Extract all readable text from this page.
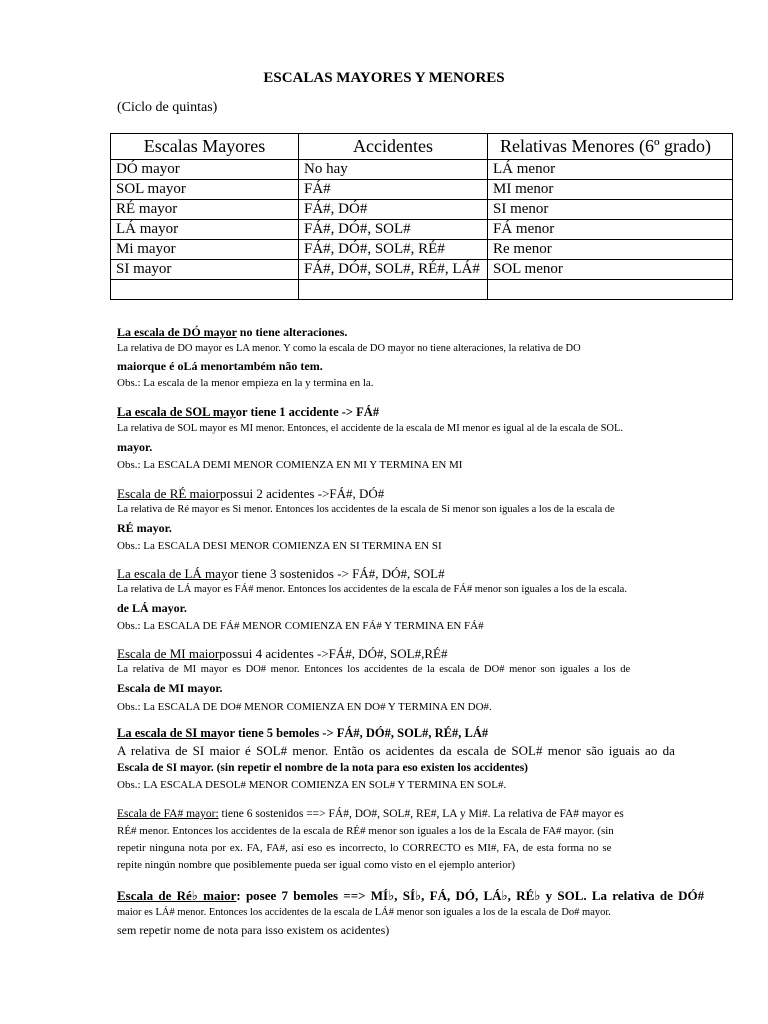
ESCALAS MAYORES Y MENORES
(Ciclo de quintas)
Escalas Mayores	Accidentes	Relativas Menores (6º grado)
DÓ mayor	No hay	LÁ menor
SOL mayor	FÁ#	MI menor
RÉ mayor	FÁ#, DÓ#	SI menor
LÁ mayor	FÁ#, DÓ#, SOL#	FÁ menor
Mi mayor	FÁ#, DÓ#, SOL#, RÉ#	Re menor
SI mayor	FÁ#, DÓ#, SOL#, RÉ#, LÁ#	SOL menor

La escala de DÓ mayor no tiene alteraciones.
La relativa de DO mayor es LA menor. Y como la escala de DO mayor no tiene alteraciones, la relativa de DO
maiorque é oLá menortambém não tem.
Obs.: La escala de la menor empieza en la y termina en la.
La escala de SOL mayor tiene 1 accidente -> FÁ#
La relativa de SOL mayor es MI menor. Entonces, el accidente de la escala de MI menor es igual al de la escala de SOL.
mayor.
Obs.: La ESCALA DEMI MENOR COMIENZA EN MI Y TERMINA EN MI
Escala de RÉ maiorpossui 2 acidentes ->FÁ#, DÓ#
La relativa de Ré mayor es Si menor. Entonces los accidentes de la escala de Si menor son iguales a los de la escala de
RÉ mayor.
Obs.: La ESCALA DESI MENOR COMIENZA EN SI TERMINA EN SI
La escala de LÁ mayor tiene 3 sostenidos -> FÁ#, DÓ#, SOL#
La relativa de LÁ mayor es FÁ# menor. Entonces los accidentes de la escala de FÁ# menor son iguales a los de la escala.
de LÁ mayor.
Obs.: La ESCALA DE FÁ# MENOR COMIENZA EN FÁ# Y TERMINA EN FÁ#
Escala de MI maiorpossui 4 acidentes ->FÁ#, DÓ#, SOL#,RÉ#
La relativa de MI mayor es DO# menor. Entonces los accidentes de la escala de DO# menor son iguales a los de
Escala de MI mayor.
Obs.: La ESCALA DE DO# MENOR COMIENZA EN DO# Y TERMINA EN DO#.
La escala de SI mayor tiene 5 bemoles -> FÁ#, DÓ#, SOL#, RÉ#, LÁ#
A relativa de SI maior é SOL# menor. Então os acidentes da escala de SOL# menor são iguais ao da
Escala de SI mayor. (sin repetir el nombre de la nota para eso existen los accidentes)
Obs.: LA ESCALA DESOL# MENOR COMIENZA EN SOL# Y TERMINA EN SOL#.
Escala de FA# mayor: tiene 6 sostenidos ==> FÁ#, DO#, SOL#, RE#, LA y Mi#. La relativa de FA# mayor es
RÉ# menor. Entonces los accidentes de la escala de RÉ# menor son iguales a los de la Escala de FA# mayor. (sin
repetir ninguna nota por ex. FA, FA#, así eso es incorrecto, lo CORRECTO es MI#, FA, de esta forma no se
repite ningún nombre que posiblemente pueda ser igual como visto en el ejemplo anterior)
Escala de Ré♭ maior: posee 7 bemoles ==> MÍ♭, SÍ♭, FÁ, DÓ, LÁ♭, RÉ♭ y SOL. La relativa de DÓ#
maior es LÁ# menor. Entonces los accidentes de la escala de LÁ# menor son iguales a los de la escala de Do# mayor.
sem repetir nome de nota para isso existem os acidentes)
